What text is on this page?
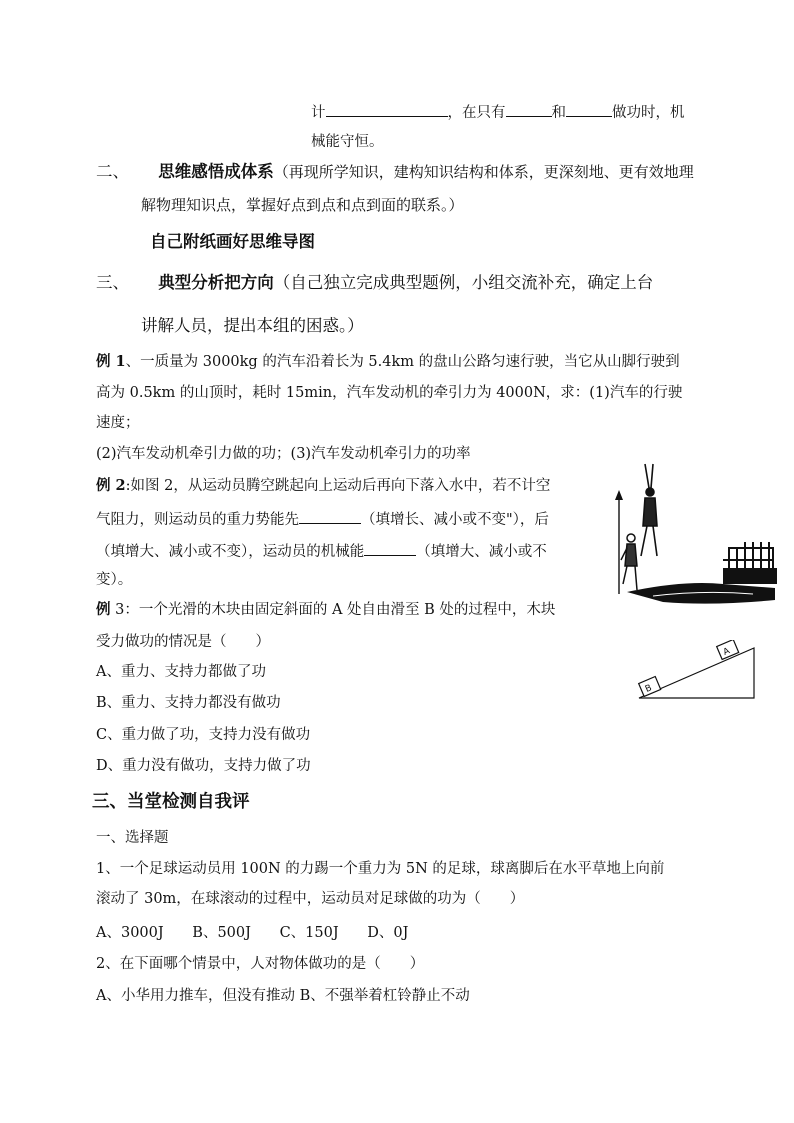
计	，在只有	和	做功时，机
械能守恒。
二、 思维感悟成体系（再现所学知识，建构知识结构和体系，更深刻地、更有效地理
解物理知识点，掌握好点到点和点到面的联系。）
自己附纸画好思维导图
三、 典型分析把方向（自己独立完成典型题例，小组交流补充，确定上台
讲解人员，提出本组的困惑。）
例 1、一质量为 3000kg 的汽车沿着长为 5.4km 的盘山公路匀速行驶，当它从山脚行驶到
高为 0.5km 的山顶时，耗时 15min，汽车发动机的牵引力为 4000N，求：(1)汽车的行驶
速度；
(2)汽车发动机牵引力做的功；(3)汽车发动机牵引力的功率
例 2:如图 2，从运动员腾空跳起向上运动后再向下落入水中，若不计空
气阻力，则运动员的重力势能先	（填增长、减小或不变"），后
（填增大、减小或不变），运动员的机械能	（填增大、减小或不
变）。
例 3：一个光滑的木块由固定斜面的 A 处自由滑至 B 处的过程中，木块
受力做功的情况是（　　）
A、重力、支持力都做了功
B、重力、支持力都没有做功
C、重力做了功，支持力没有做功
D、重力没有做功，支持力做了功
A
B
三、当堂检测自我评
一、选择题
1、一个足球运动员用 100N 的力踢一个重力为 5N 的足球，球离脚后在水平草地上向前
滚动了 30m，在球滚动的过程中，运动员对足球做的功为（　　）
A、3000J B、500J C、150J D、0J
2、在下面哪个情景中，人对物体做功的是（　　）
A、小华用力推车，但没有推动 B、不强举着杠铃静止不动
